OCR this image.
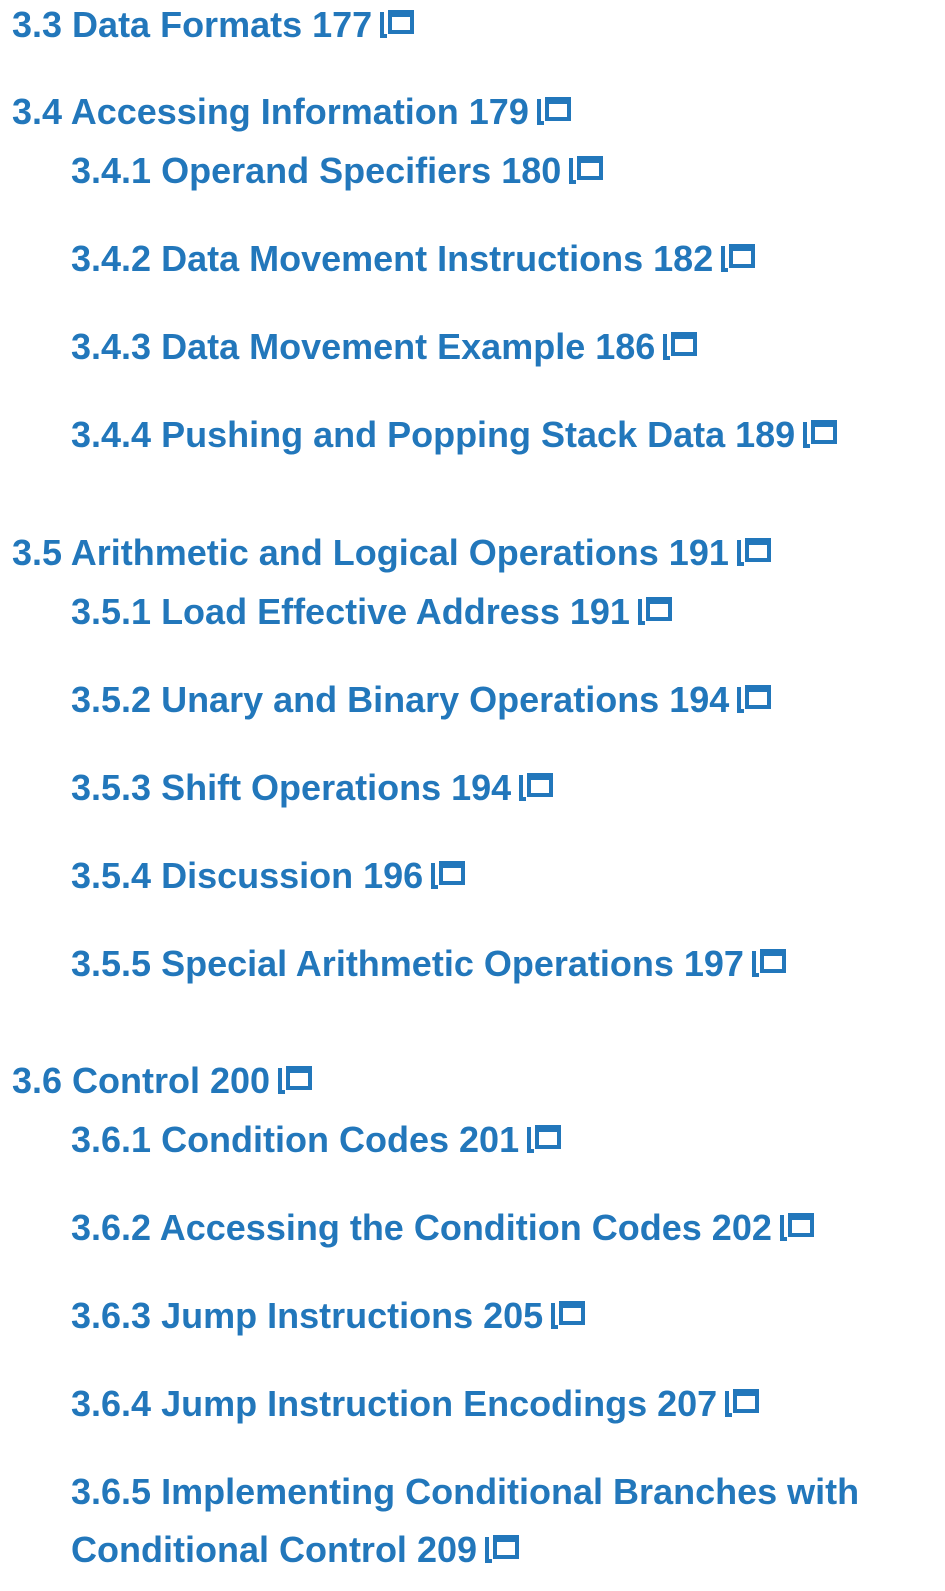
3.3 Data Formats 177
3.4 Accessing Information 179
3.4.1 Operand Specifiers 180
3.4.2 Data Movement Instructions 182
3.4.3 Data Movement Example 186
3.4.4 Pushing and Popping Stack Data 189
3.5 Arithmetic and Logical Operations 191
3.5.1 Load Effective Address 191
3.5.2 Unary and Binary Operations 194
3.5.3 Shift Operations 194
3.5.4 Discussion 196
3.5.5 Special Arithmetic Operations 197
3.6 Control 200
3.6.1 Condition Codes 201
3.6.2 Accessing the Condition Codes 202
3.6.3 Jump Instructions 205
3.6.4 Jump Instruction Encodings 207
3.6.5 Implementing Conditional Branches with
Conditional Control 209
